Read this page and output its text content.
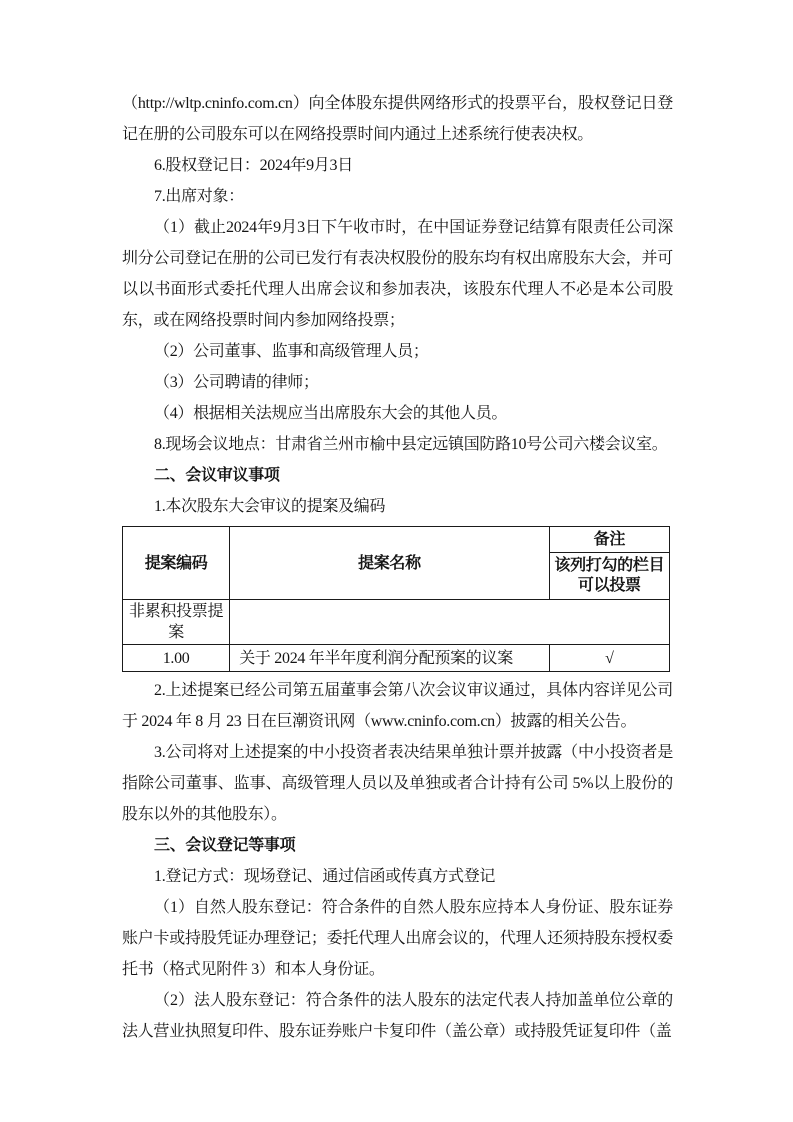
（http://wltp.cninfo.com.cn）向全体股东提供网络形式的投票平台，股权登记日登记在册的公司股东可以在网络投票时间内通过上述系统行使表决权。

6.股权登记日：2024年9月3日

7.出席对象：

（1）截止2024年9月3日下午收市时，在中国证券登记结算有限责任公司深圳分公司登记在册的公司已发行有表决权股份的股东均有权出席股东大会，并可以以书面形式委托代理人出席会议和参加表决，该股东代理人不必是本公司股东，或在网络投票时间内参加网络投票；

（2）公司董事、监事和高级管理人员；

（3）公司聘请的律师；

（4）根据相关法规应当出席股东大会的其他人员。

8.现场会议地点：甘肃省兰州市榆中县定远镇国防路10号公司六楼会议室。

二、会议审议事项

1.本次股东大会审议的提案及编码

提案编码	提案名称	备注
		该列打勾的栏目可以投票
非累积投票提案		
1.00	关于 2024 年半年度利润分配预案的议案	√

2.上述提案已经公司第五届董事会第八次会议审议通过，具体内容详见公司于 2024 年 8 月 23 日在巨潮资讯网（www.cninfo.com.cn）披露的相关公告。

3.公司将对上述提案的中小投资者表决结果单独计票并披露（中小投资者是指除公司董事、监事、高级管理人员以及单独或者合计持有公司 5%以上股份的股东以外的其他股东）。

三、会议登记等事项

1.登记方式：现场登记、通过信函或传真方式登记

（1）自然人股东登记：符合条件的自然人股东应持本人身份证、股东证券账户卡或持股凭证办理登记；委托代理人出席会议的，代理人还须持股东授权委托书（格式见附件 3）和本人身份证。

（2）法人股东登记：符合条件的法人股东的法定代表人持加盖单位公章的法人营业执照复印件、股东证券账户卡复印件（盖公章）或持股凭证复印件（盖
